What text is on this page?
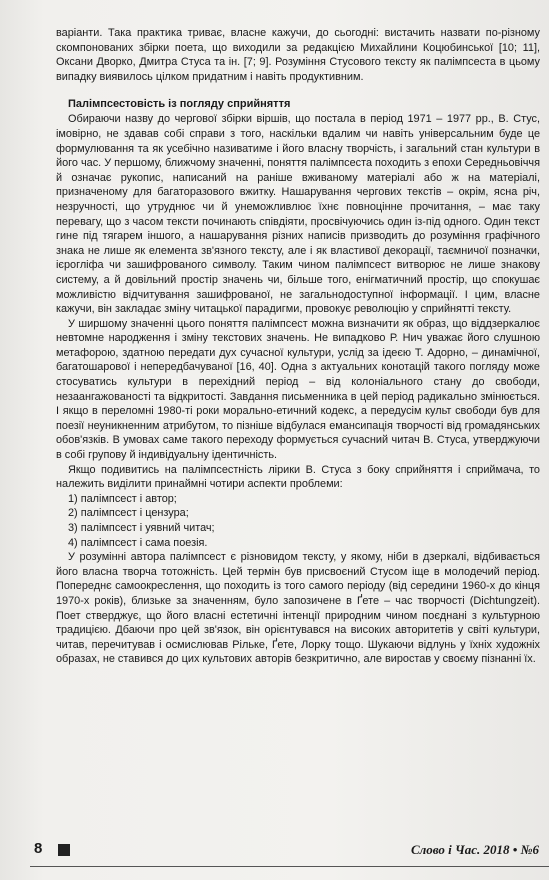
варіанти. Така практика триває, власне кажучи, до сьогодні: вистачить назвати по-різному скомпонованих збірки поета, що виходили за редакцією Михайлини Коцюбинської [10; 11], Оксани Дворко, Дмитра Стуса та ін. [7; 9]. Розуміння Стусового тексту як палімпсеста в цьому випадку виявилось цілком придатним і навіть продуктивним.

Палімпсестовість із погляду сприйняття

Обираючи назву до чергової збірки віршів, що постала в період 1971 – 1977 рр., В. Стус, імовірно, не здавав собі справи з того, наскільки вдалим чи навіть універсальним буде це формулювання та як усебічно називатиме і його власну творчість, і загальний стан культури в його час. У першому, ближчому значенні, поняття палімпсеста походить з епохи Середньовіччя й означає рукопис, написаний на раніше вживаному матеріалі або ж на матеріалі, призначеному для багаторазового вжитку. Нашарування чергових текстів – окрім, ясна річ, незручності, що утруднює чи й унеможливлює їхнє повноцінне прочитання, – має таку перевагу, що з часом тексти починають співдіяти, просвічуючись один із-під одного. Один текст гине під тягарем іншого, а нашарування різних написів призводить до розуміння графічного знака не лише як елемента зв'язного тексту, але і як властивої декорації, таємничої позначки, ієрогліфа чи зашифрованого символу. Таким чином палімпсест витворює не лише знакову систему, а й довільний простір значень чи, більше того, енігматичний простір, що спокушає можливістю відчитування зашифрованої, не загальнодоступної інформації. І цим, власне кажучи, він закладає зміну читацької парадигми, провокує революцію у сприйнятті тексту.

У ширшому значенні цього поняття палімпсест можна визначити як образ, що віддзеркалює невтомне народження і зміну текстових значень. Не випадково Р. Нич уважає його слушною метафорою, здатною передати дух сучасної культури, услід за ідеєю Т. Адорно, – динамічної, багатошарової і непередбачуваної [16, 40]. Одна з актуальних конотацій такого погляду може стосуватись культури в перехідний період – від колоніального стану до свободи, незаангажованості та відкритості. Завдання письменника в цей період радикально змінюється. І якщо в переломні 1980-ті роки морально-етичний кодекс, а передусім культ свободи був для поезії неуникненним атрибутом, то пізніше відбулася емансипація творчості від громадянських обов'язків. В умовах саме такого переходу формується сучасний читач В. Стуса, утверджуючи в собі групову й індивідуальну ідентичність.

Якщо подивитись на палімпсестність лірики В. Стуса з боку сприйняття і сприймача, то належить виділити принаймні чотири аспекти проблеми:

1) палімпсест і автор;
2) палімпсест і цензура;
3) палімпсест і уявний читач;
4) палімпсест і сама поезія.

У розумінні автора палімпсест є різновидом тексту, у якому, ніби в дзеркалі, відбивається його власна творча тотожність. Цей термін був присвоєний Стусом іще в молодечий період. Попереднє самоокреслення, що походить із того самого періоду (від середини 1960-х до кінця 1970-х років), близьке за значенням, було запозичене в Ґете – час творчості (Dichtungzeit). Поет стверджує, що його власні естетичні інтенції природним чином поєднані з культурною традицією. Дбаючи про цей зв'язок, він орієнтувався на високих авторитетів у світі культури, читав, перечитував і осмислював Рільке, Ґете, Лорку тощо. Шукаючи відлунь у їхніх художніх образах, не ставився до цих культових авторів безкритично, але виростав у своєму пізнанні їх.

8	Слово і Час. 2018 • №6
